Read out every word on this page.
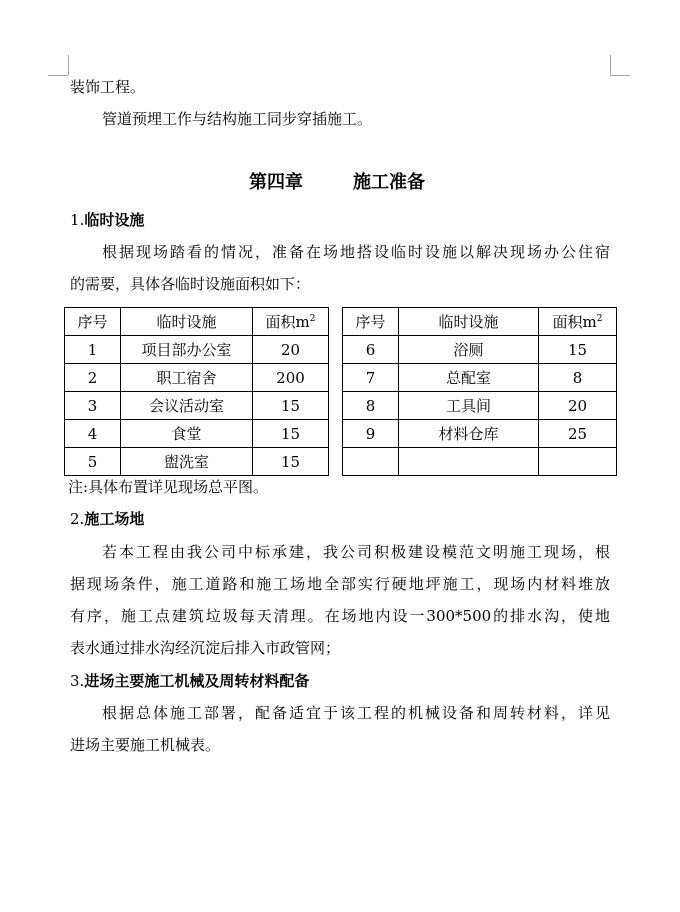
装饰工程。
管道预埋工作与结构施工同步穿插施工。
第四章	施工准备
1.临时设施
根据现场踏看的情况，准备在场地搭设临时设施以解决现场办公住宿
的需要，具体各临时设施面积如下：
序号	临时设施	面积$m^2$
1	项目部办公室	20
2	职工宿舍	200
3	会议活动室	15
4	食堂	15
5	盥洗室	15
序号	临时设施	面积$m^2$
6	浴厕	15
7	总配室	8
8	工具间	20
9	材料仓库	25

注:具体布置详见现场总平图。
2.施工场地
若本工程由我公司中标承建，我公司积极建设模范文明施工现场，根
据现场条件，施工道路和施工场地全部实行硬地坪施工，现场内材料堆放
有序，施工点建筑垃圾每天清理。在场地内设一300*500的排水沟，使地
表水通过排水沟经沉淀后排入市政管网；
3.进场主要施工机械及周转材料配备
根据总体施工部署，配备适宜于该工程的机械设备和周转材料，详见
进场主要施工机械表。
